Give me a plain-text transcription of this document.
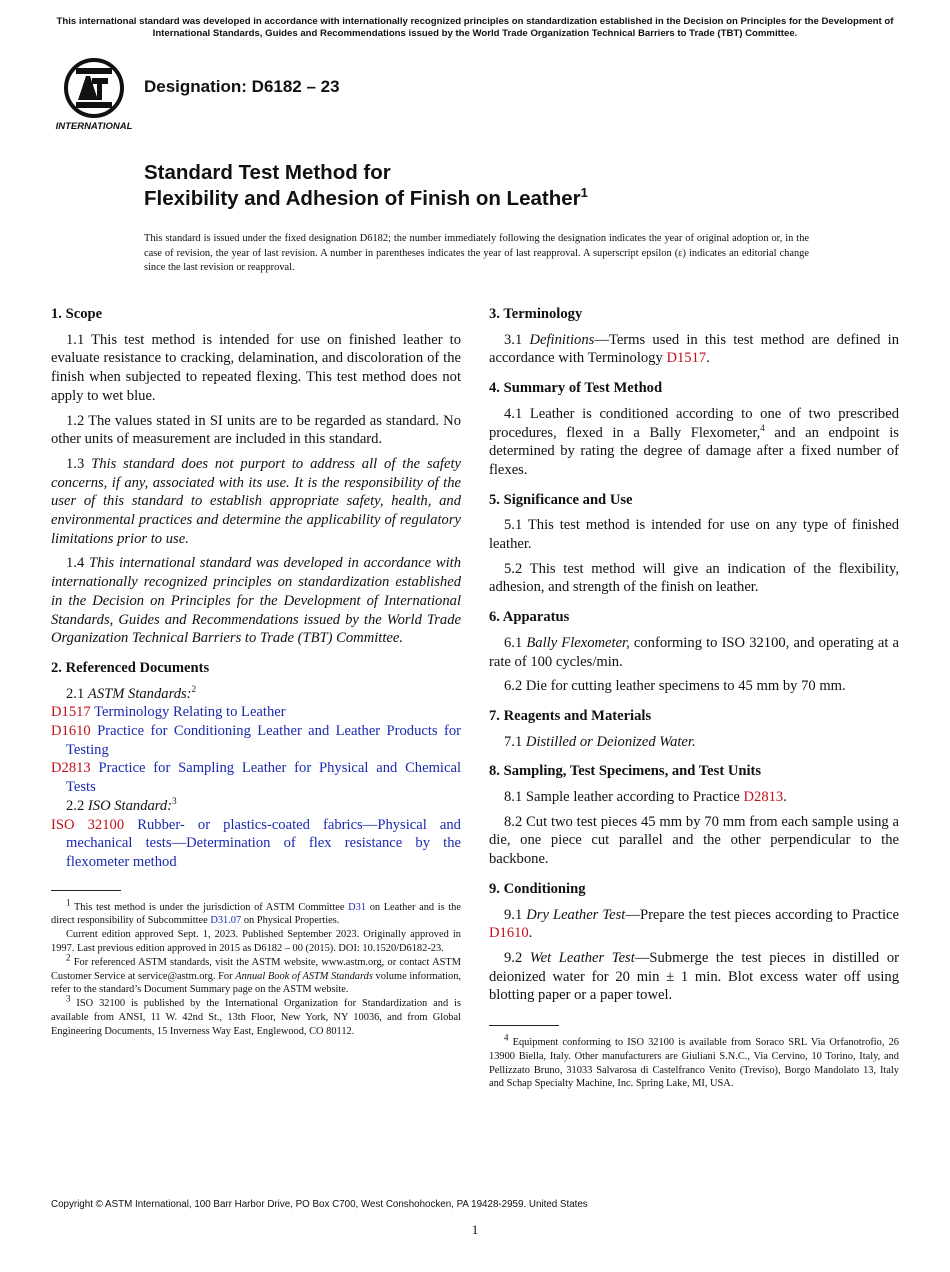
This international standard was developed in accordance with internationally recognized principles on standardization established in the Decision on Principles for the Development of International Standards, Guides and Recommendations issued by the World Trade Organization Technical Barriers to Trade (TBT) Committee.
INTERNATIONAL
Designation: D6182 – 23
Standard Test Method for
Flexibility and Adhesion of Finish on Leather$^1$
This standard is issued under the fixed designation D6182; the number immediately following the designation indicates the year of original adoption or, in the case of revision, the year of last revision. A number in parentheses indicates the year of last reapproval. A superscript epsilon (ε) indicates an editorial change since the last revision or reapproval.
1. Scope

1.1 This test method is intended for use on finished leather to evaluate resistance to cracking, delamination, and discoloration of the finish when subjected to repeated flexing. This test method does not apply to wet blue.

1.2 The values stated in SI units are to be regarded as standard. No other units of measurement are included in this standard.

1.3 This standard does not purport to address all of the safety concerns, if any, associated with its use. It is the responsibility of the user of this standard to establish appropriate safety, health, and environmental practices and determine the applicability of regulatory limitations prior to use.

1.4 This international standard was developed in accordance with internationally recognized principles on standardization established in the Decision on Principles for the Development of International Standards, Guides and Recommendations issued by the World Trade Organization Technical Barriers to Trade (TBT) Committee.

2. Referenced Documents

2.1 ASTM Standards:$^2$

D1517 Terminology Relating to Leather
D1610 Practice for Conditioning Leather and Leather Products for Testing
D2813 Practice for Sampling Leather for Physical and Chemical Tests

2.2 ISO Standard:$^3$

ISO 32100 Rubber- or plastics-coated fabrics—Physical and mechanical tests—Determination of flex resistance by the flexometer method

$^1$ This test method is under the jurisdiction of ASTM Committee D31 on Leather and is the direct responsibility of Subcommittee D31.07 on Physical Properties.

Current edition approved Sept. 1, 2023. Published September 2023. Originally approved in 1997. Last previous edition approved in 2015 as D6182 – 00 (2015). DOI: 10.1520/D6182-23.

$^2$ For referenced ASTM standards, visit the ASTM website, www.astm.org, or contact ASTM Customer Service at service@astm.org. For Annual Book of ASTM Standards volume information, refer to the standard’s Document Summary page on the ASTM website.

$^3$ ISO 32100 is published by the International Organization for Standardization and is available from ANSI, 11 W. 42nd St., 13th Floor, New York, NY 10036, and from Global Engineering Documents, 15 Inverness Way East, Englewood, CO 80112.

3. Terminology

3.1 Definitions—Terms used in this test method are defined in accordance with Terminology D1517.

4. Summary of Test Method

4.1 Leather is conditioned according to one of two prescribed procedures, flexed in a Bally Flexometer,$^4$ and an endpoint is determined by rating the degree of damage after a fixed number of flexes.

5. Significance and Use

5.1 This test method is intended for use on any type of finished leather.

5.2 This test method will give an indication of the flexibility, adhesion, and strength of the finish on leather.

6. Apparatus

6.1 Bally Flexometer, conforming to ISO 32100, and operating at a rate of 100 cycles/min.

6.2 Die for cutting leather specimens to 45 mm by 70 mm.

7. Reagents and Materials

7.1 Distilled or Deionized Water.

8. Sampling, Test Specimens, and Test Units

8.1 Sample leather according to Practice D2813.

8.2 Cut two test pieces 45 mm by 70 mm from each sample using a die, one piece cut parallel and the other perpendicular to the backbone.

9. Conditioning

9.1 Dry Leather Test—Prepare the test pieces according to Practice D1610.

9.2 Wet Leather Test—Submerge the test pieces in distilled or deionized water for 20 min ± 1 min. Blot excess water off using blotting paper or a paper towel.

$^4$ Equipment conforming to ISO 32100 is available from Soraco SRL Via Orfanotrofio, 26 13900 Biella, Italy. Other manufacturers are Giuliani S.N.C., Via Cervino, 10 Torino, Italy, and Pellizzato Bruno, 31033 Salvarosa di Castelfranco Venito (Treviso), Borgo Mandolato 13, Italy and Schap Specialty Machine, Inc. Spring Lake, MI, USA.

Copyright © ASTM International, 100 Barr Harbor Drive, PO Box C700, West Conshohocken, PA 19428-2959. United States
1
